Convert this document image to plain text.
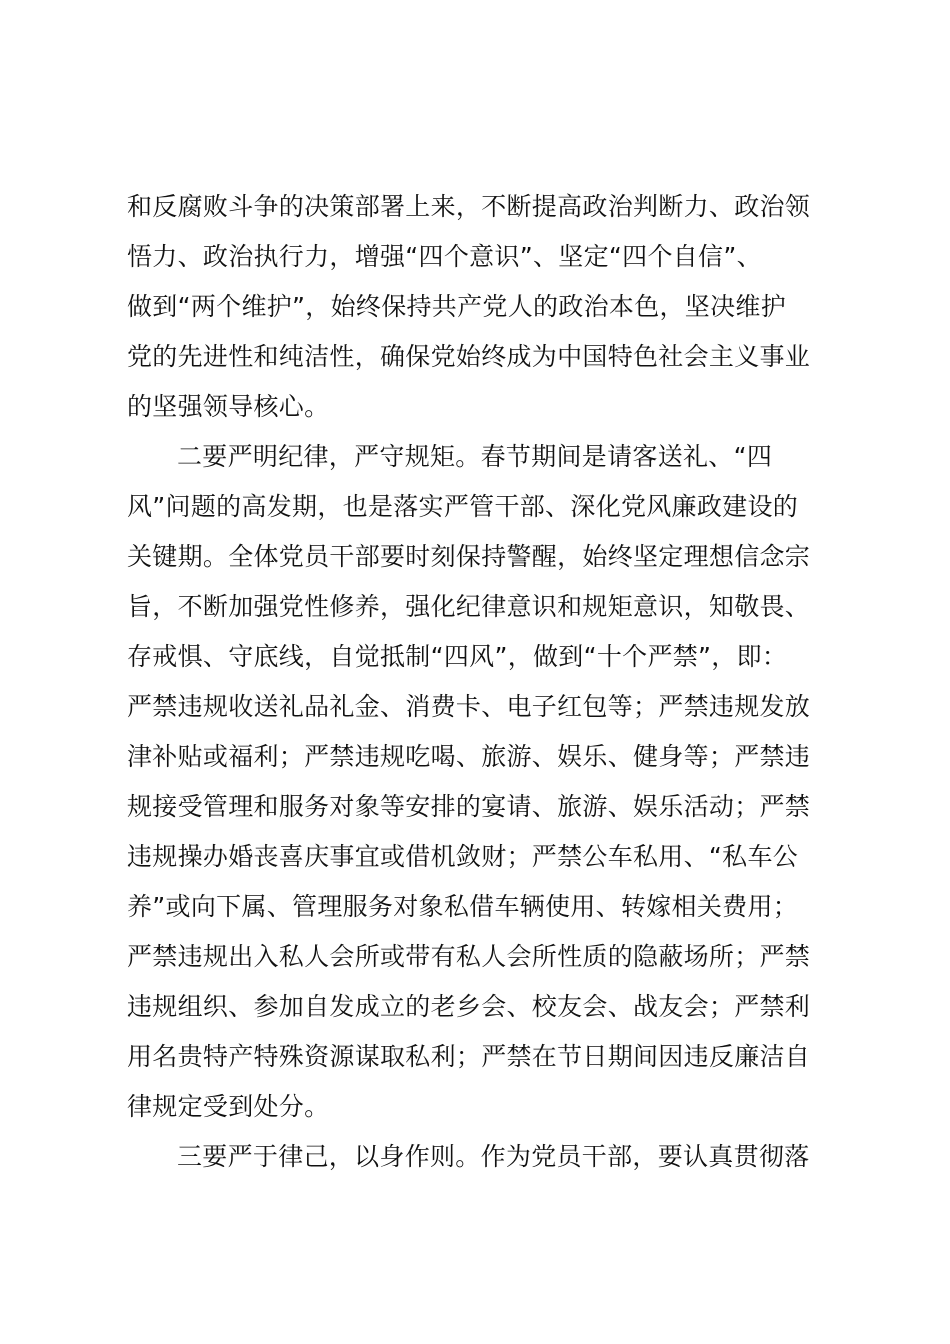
和反腐败斗争的决策部署上来，不断提高政治判断力、政治领
悟力、政治执行力，增强“四个意识”、坚定“四个自信”、
做到“两个维护”，始终保持共产党人的政治本色，坚决维护
党的先进性和纯洁性，确保党始终成为中国特色社会主义事业
的坚强领导核心。
二要严明纪律，严守规矩。春节期间是请客送礼、“四
风”问题的高发期，也是落实严管干部、深化党风廉政建设的
关键期。全体党员干部要时刻保持警醒，始终坚定理想信念宗
旨，不断加强党性修养，强化纪律意识和规矩意识，知敬畏、
存戒惧、守底线，自觉抵制“四风”，做到“十个严禁”，即：
严禁违规收送礼品礼金、消费卡、电子红包等；严禁违规发放
津补贴或福利；严禁违规吃喝、旅游、娱乐、健身等；严禁违
规接受管理和服务对象等安排的宴请、旅游、娱乐活动；严禁
违规操办婚丧喜庆事宜或借机敛财；严禁公车私用、“私车公
养”或向下属、管理服务对象私借车辆使用、转嫁相关费用；
严禁违规出入私人会所或带有私人会所性质的隐蔽场所；严禁
违规组织、参加自发成立的老乡会、校友会、战友会；严禁利
用名贵特产特殊资源谋取私利；严禁在节日期间因违反廉洁自
律规定受到处分。
三要严于律己，以身作则。作为党员干部，要认真贯彻落
